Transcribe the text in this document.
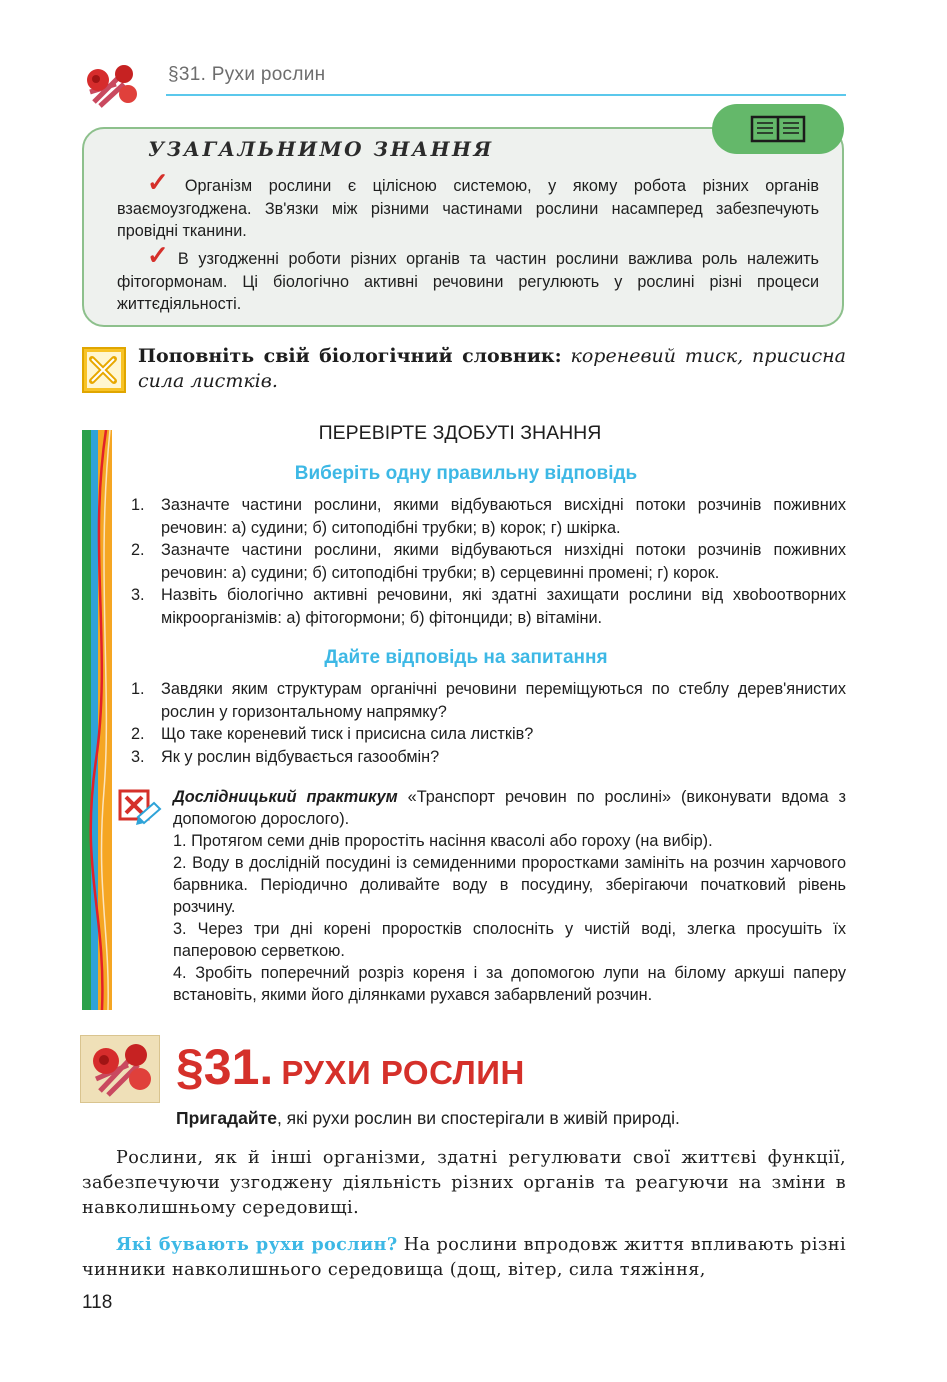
§31. Рухи рослин
УЗАГАЛЬНИМО ЗНАННЯ
✓ Організм рослини є цілісною системою, у якому робота різних органів взаємоузгоджена. Зв'язки між різними частинами рослини насамперед забезпечують провідні тканини.
✓ В узгодженні роботи різних органів та частин рослини важлива роль належить фітогормонам. Ці біологічно активні речовини регулюють у рослині різні процеси життєдіяльності.
Поповніть свій біологічний словник: кореневий тиск, присисна сила листків.
ПЕРЕВІРТЕ ЗДОБУТІ ЗНАННЯ
Виберіть одну правильну відповідь
1. Зазначте частини рослини, якими відбуваються висхідні потоки розчинів поживних речовин: а) судини; б) ситоподібні трубки; в) корок; г) шкірка.
2. Зазначте частини рослини, якими відбуваються низхідні потоки розчинів поживних речовин: а) судини; б) ситоподібні трубки; в) серцевинні промені; г) корок.
3. Назвіть біологічно активні речовини, які здатні захищати рослини від хвоbooтворних мікроорганізмів: а) фітогормони; б) фітонциди; в) вітаміни.
Дайте відповідь на запитання
1. Завдяки яким структурам органічні речовини переміщуються по стеблу дерев'янистих рослин у горизонтальному напрямку?
2. Що таке кореневий тиск і присисна сила листків?
3. Як у рослин відбувається газообмін?

Дослідницький практикум «Транспорт речовин по рослині» (виконувати вдома з допомогою дорослого).

1. Протягом семи днів проростіть насіння квасолі або гороху (на вибір).

2. Воду в дослідній посудині із семиденними проростками замініть на розчин харчового барвника. Періодично доливайте воду в посудину, зберігаючи початковий рівень розчину.

3. Через три дні корені проростків сполосніть у чистій воді, злегка просушіть їх паперовою серветкою.

4. Зробіть поперечний розріз кореня і за допомогою лупи на білому аркуші паперу встановіть, якими його ділянками рухався забарвлений розчин.

§31. РУХИ РОСЛИН
Пригадайте, які рухи рослин ви спостерігали в живій природі.
Рослини, як й інші організми, здатні регулювати свої життєві функції, забезпечуючи узгоджену діяльність різних органів та реагуючи на зміни в навколишньому середовищі.
Які бувають рухи рослин? На рослини впродовж життя впливають різні чинники навколишнього середовища (дощ, вітер, сила тяжіння,
118
